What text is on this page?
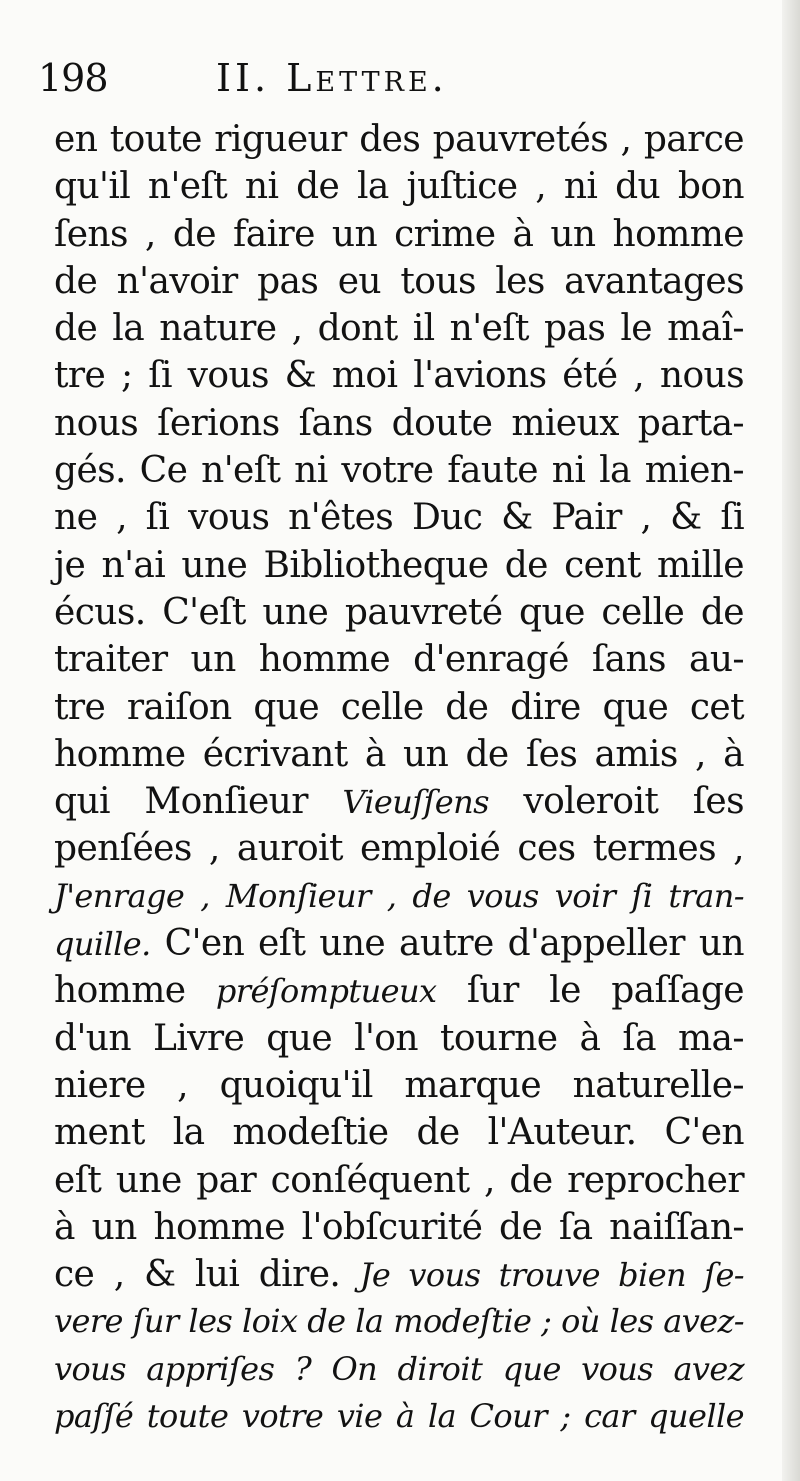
198	II. Lettre.
en toute rigueur des pauvretés , parce
qu'il n'eſt ni de la juſtice , ni du bon
ſens , de faire un crime à un homme
de n'avoir pas eu tous les avantages
de la nature , dont il n'eſt pas le maî-
tre ; ſi vous & moi l'avions été , nous
nous ſerions ſans doute mieux parta-
gés. Ce n'eſt ni votre faute ni la mien-
ne , ſi vous n'êtes Duc & Pair , & ſi
je n'ai une Bibliotheque de cent mille
écus. C'eſt une pauvreté que celle de
traiter un homme d'enragé ſans au-
tre raiſon que celle de dire que cet
homme écrivant à un de ſes amis , à
qui Monſieur Vieuſſens voleroit ſes
penſées , auroit emploié ces termes ,
J'enrage , Monſieur , de vous voir ſi tran-
quille. C'en eſt une autre d'appeller un
homme préſomptueux ſur le paſſage
d'un Livre que l'on tourne à ſa ma-
niere , quoiqu'il marque naturelle-
ment la modeſtie de l'Auteur. C'en
eſt une par conſéquent , de reprocher
à un homme l'obſcurité de ſa naiſſan-
ce , & lui dire. Je vous trouve bien ſe-
vere ſur les loix de la modeſtie ; où les avez-
vous appriſes ? On diroit que vous avez
paſſé toute votre vie à la Cour ; car quelle
